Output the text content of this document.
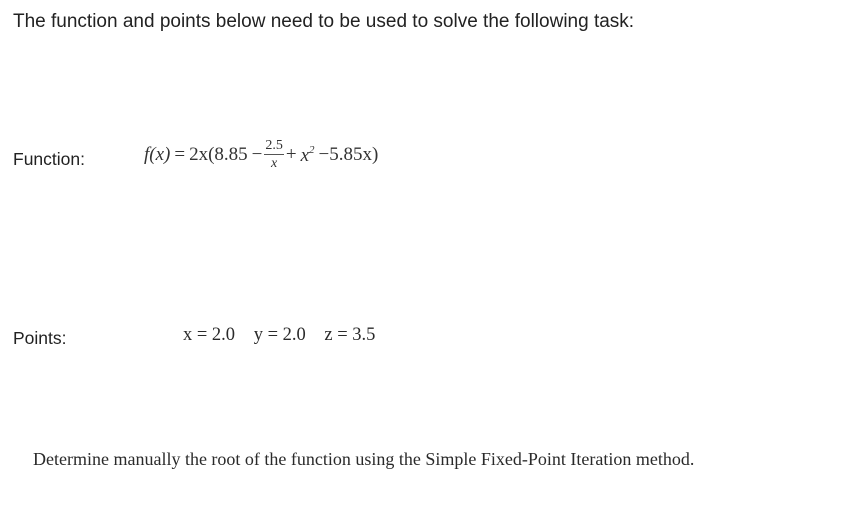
The function and points below need to be used to solve the following task:
Function:	$f(x) = 2x(8.85 - \frac{2.5}{x} + x^2 -5.85x)$
Points:	x = 2.0 y = 2.0 z = 3.5
Determine manually the root of the function using the Simple Fixed-Point Iteration method.
